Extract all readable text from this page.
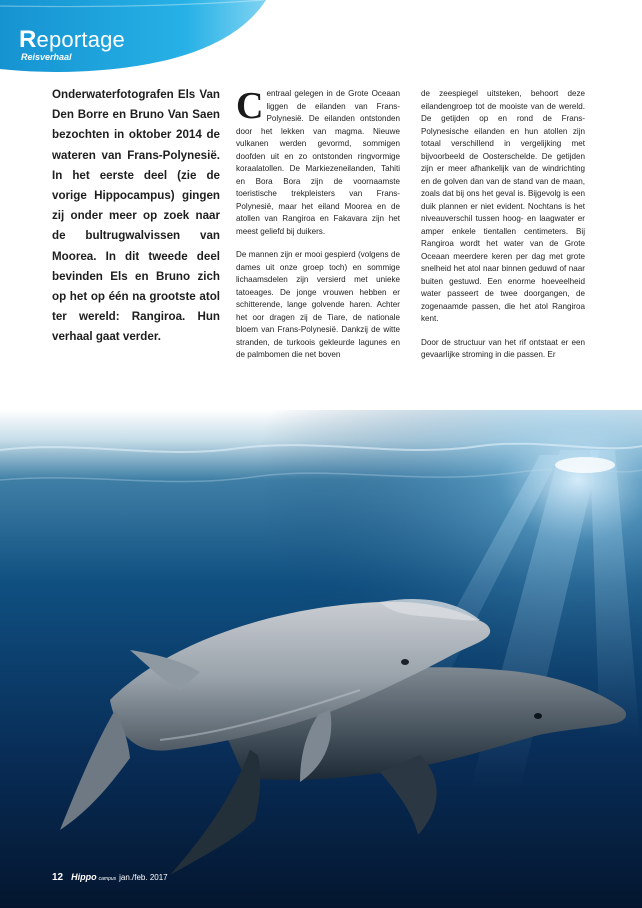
Reportage
Reisverhaal
Onderwaterfotografen Els Van Den Borre en Bruno Van Saen bezochten in oktober 2014 de wateren van Frans-Polynesië. In het eerste deel (zie de vorige Hippocampus) gingen zij onder meer op zoek naar de bultrugwalvissen van Moorea. In dit tweede deel bevinden Els en Bruno zich op het op één na grootste atol ter wereld: Rangiroa. Hun verhaal gaat verder.

Centraal gelegen in de Grote Oceaan liggen de eilanden van Frans-Polynesië. De eilanden ontstonden door het lekken van magma. Nieuwe vulkanen werden gevormd, sommigen doofden uit en zo ontstonden ringvormige koraalatollen. De Markiezeneilanden, Tahiti en Bora Bora zijn de voornaamste toeristische trekpleisters van Frans-Polynesië, maar het eiland Moorea en de atollen van Rangiroa en Fakavara zijn het meest geliefd bij duikers.

De mannen zijn er mooi gespierd (volgens de dames uit onze groep toch) en sommige lichaamsdelen zijn versierd met unieke tatoeages. De jonge vrouwen hebben er schitterende, lange golvende haren. Achter het oor dragen zij de Tiare, de nationale bloem van Frans-Polynesië. Dankzij de witte stranden, de turkoois gekleurde lagunes en de palmbomen die net boven

de zeespiegel uitsteken, behoort deze eilandengroep tot de mooiste van de wereld. De getijden op en rond de Frans-Polynesische eilanden en hun atollen zijn totaal verschillend in vergelijking met bijvoorbeeld de Oosterschelde. De getijden zijn er meer afhankelijk van de windrichting en de golven dan van de stand van de maan, zoals dat bij ons het geval is. Bijgevolg is een duik plannen er niet evident. Nochtans is het niveauverschil tussen hoog- en laagwater er amper enkele tientallen centimeters. Bij Rangiroa wordt het water van de Grote Oceaan meerdere keren per dag met grote snelheid het atol naar binnen geduwd of naar buiten gestuwd. Een enorme hoeveelheid water passeert de twee doorgangen, de zogenaamde passen, die het atol Rangiroa kent.

Door de structuur van het rif ontstaat er een gevaarlijke stroming in die passen. Er

12 Hippo campus jan./feb. 2017
